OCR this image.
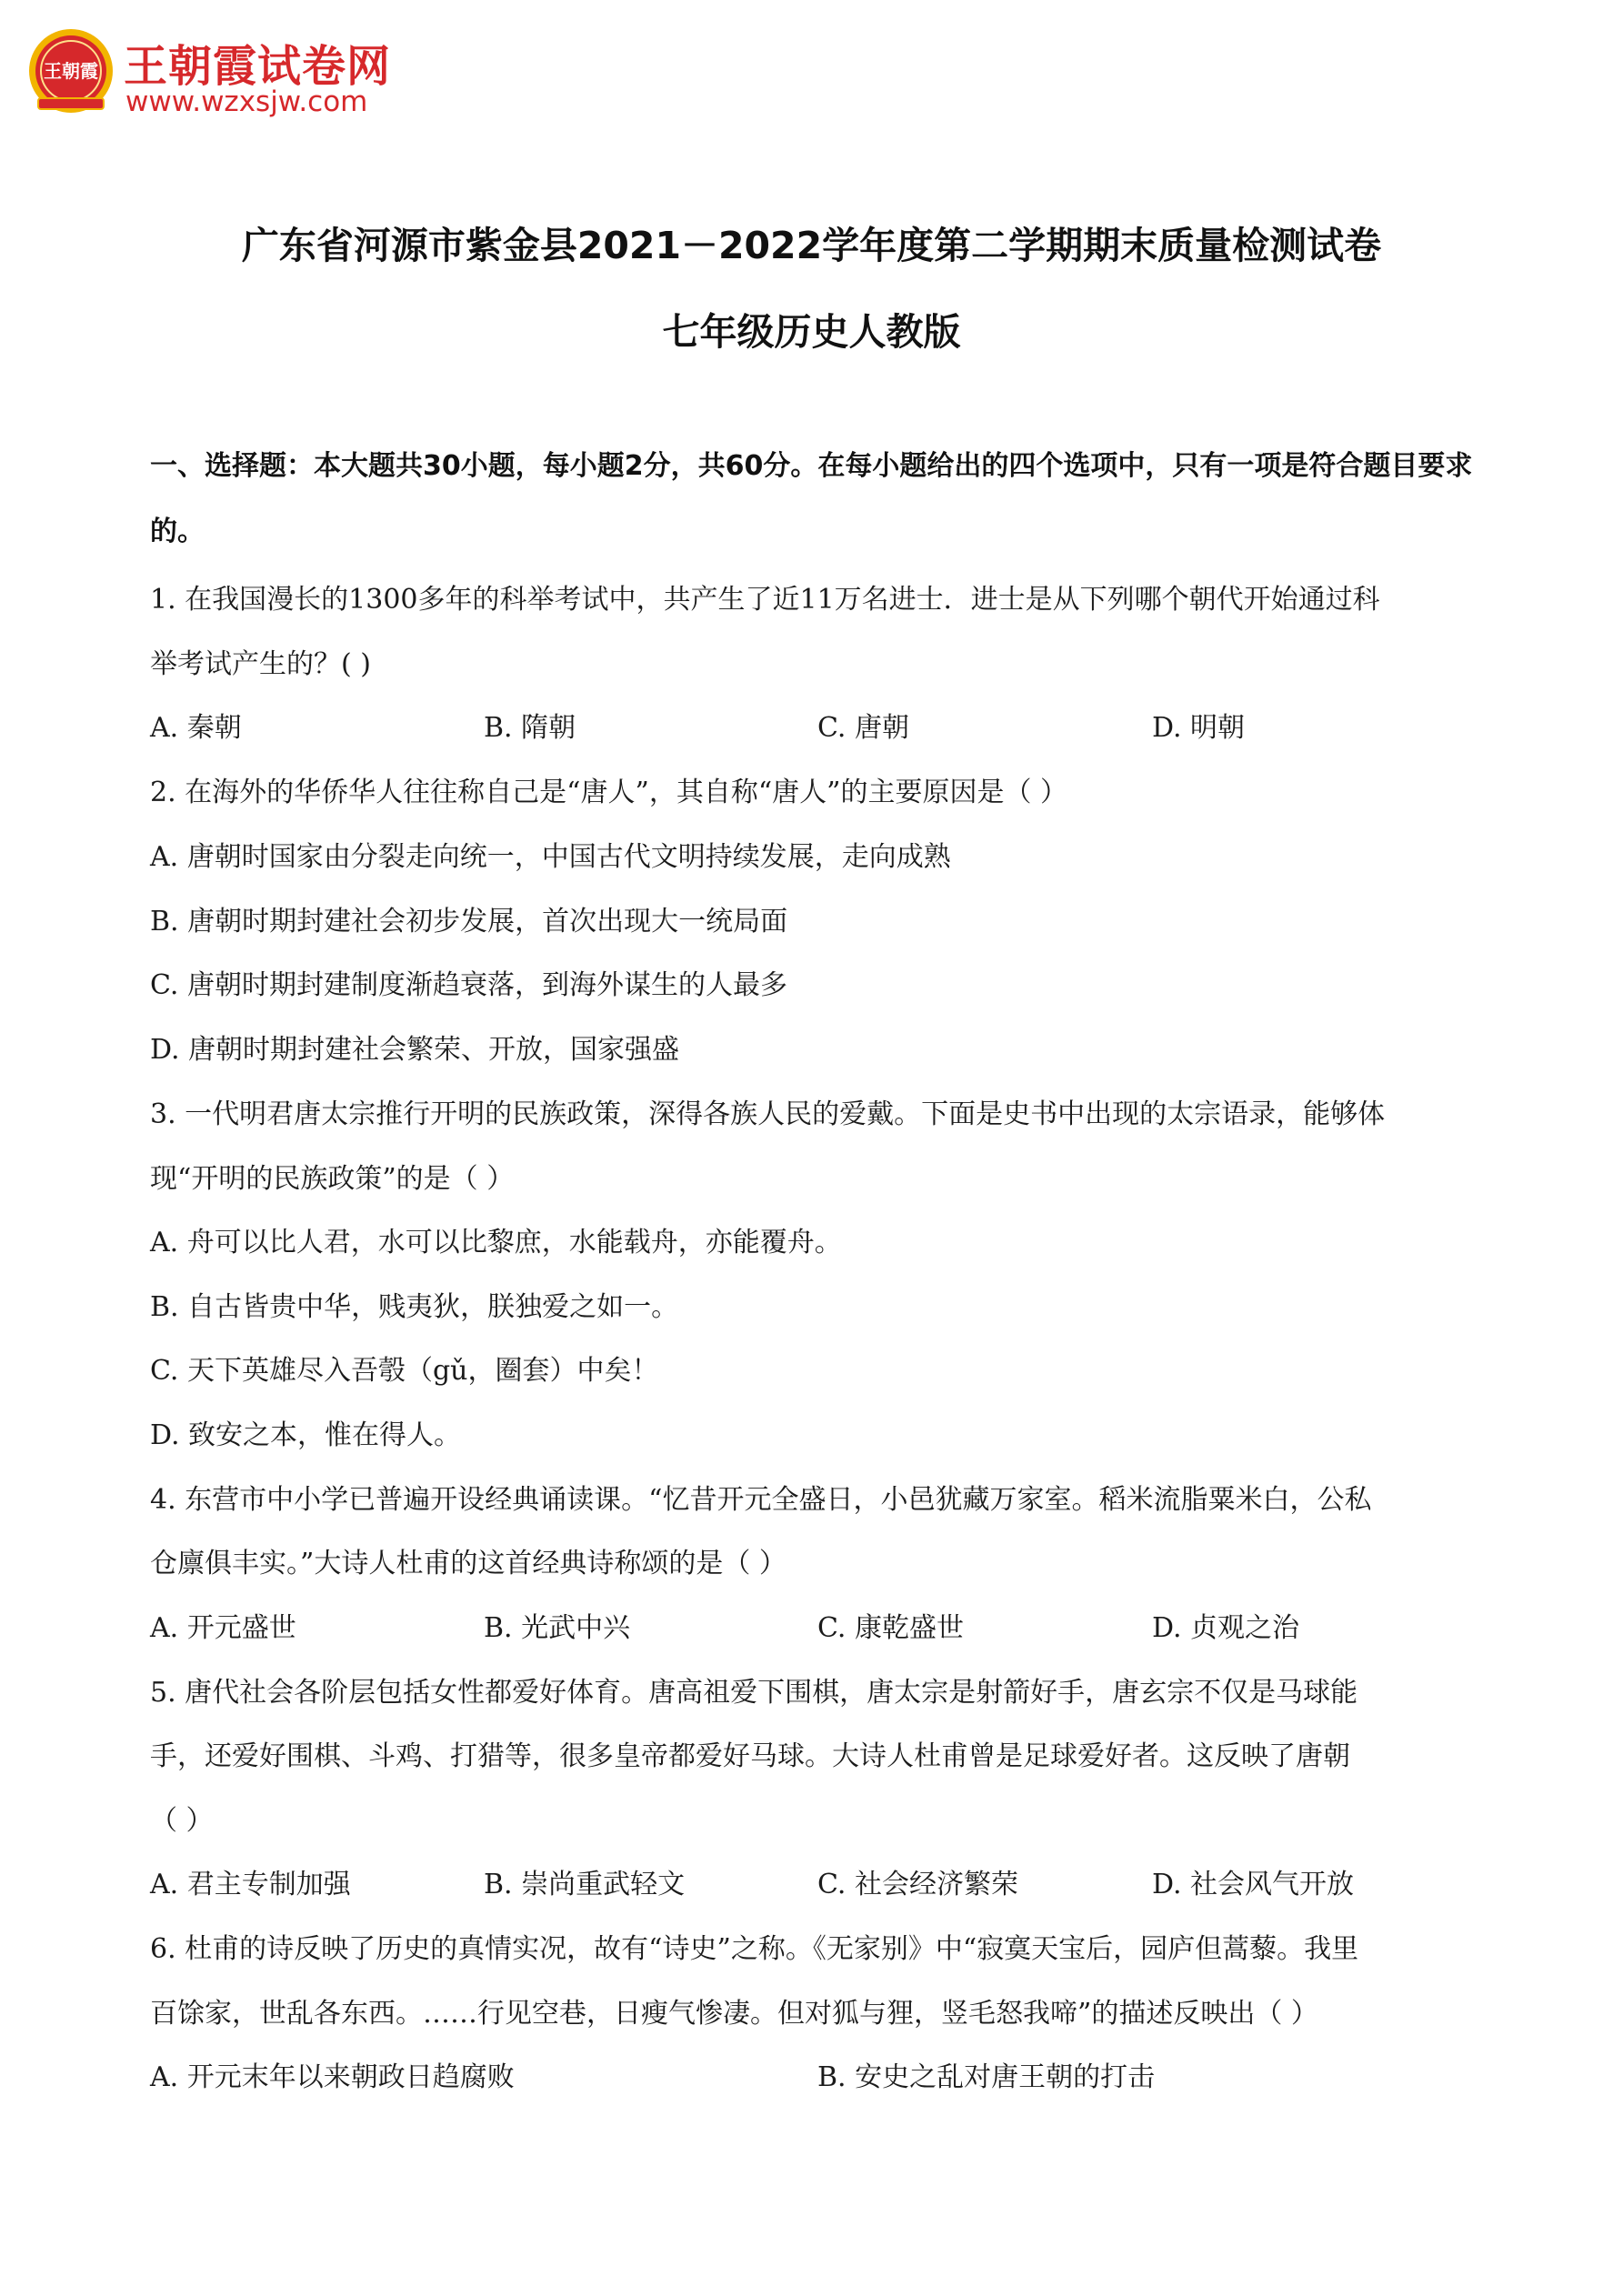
王朝霞 王朝霞试卷网
www.wzxsjw.com
广东省河源市紫金县2021－2022学年度第二学期期末质量检测试卷
七年级历史人教版
一、选择题：本大题共30小题，每小题2分，共60分。在每小题给出的四个选项中，只有一项是符合题目要求的。
1. 在我国漫长的1300多年的科举考试中，共产生了近11万名进士．进士是从下列哪个朝代开始通过科
举考试产生的？( )
A. 秦朝	B. 隋朝	C. 唐朝	D. 明朝
2. 在海外的华侨华人往往称自己是“唐人”，其自称“唐人”的主要原因是（ ）
A. 唐朝时国家由分裂走向统一，中国古代文明持续发展，走向成熟
B. 唐朝时期封建社会初步发展，首次出现大一统局面
C. 唐朝时期封建制度渐趋衰落，到海外谋生的人最多
D. 唐朝时期封建社会繁荣、开放，国家强盛
3. 一代明君唐太宗推行开明的民族政策，深得各族人民的爱戴。下面是史书中出现的太宗语录，能够体
现“开明的民族政策”的是（ ）
A. 舟可以比人君，水可以比黎庶，水能载舟，亦能覆舟。
B. 自古皆贵中华，贱夷狄，朕独爱之如一。
C. 天下英雄尽入吾彀（gǔ，圈套）中矣！
D. 致安之本，惟在得人。
4. 东营市中小学已普遍开设经典诵读课。“忆昔开元全盛日，小邑犹藏万家室。稻米流脂粟米白，公私
仓廪俱丰实。”大诗人杜甫的这首经典诗称颂的是（ ）
A. 开元盛世	B. 光武中兴	C. 康乾盛世	D. 贞观之治
5. 唐代社会各阶层包括女性都爱好体育。唐高祖爱下围棋，唐太宗是射箭好手，唐玄宗不仅是马球能
手，还爱好围棋、斗鸡、打猎等，很多皇帝都爱好马球。大诗人杜甫曾是足球爱好者。这反映了唐朝
（ ）
A. 君主专制加强	B. 崇尚重武轻文	C. 社会经济繁荣	D. 社会风气开放
6. 杜甫的诗反映了历史的真情实况，故有“诗史”之称。《无家别》中“寂寞天宝后，园庐但蒿藜。我里
百馀家，世乱各东西。……行见空巷，日瘦气惨凄。但对狐与狸，竖毛怒我啼”的描述反映出（ ）
A. 开元末年以来朝政日趋腐败	B. 安史之乱对唐王朝的打击
